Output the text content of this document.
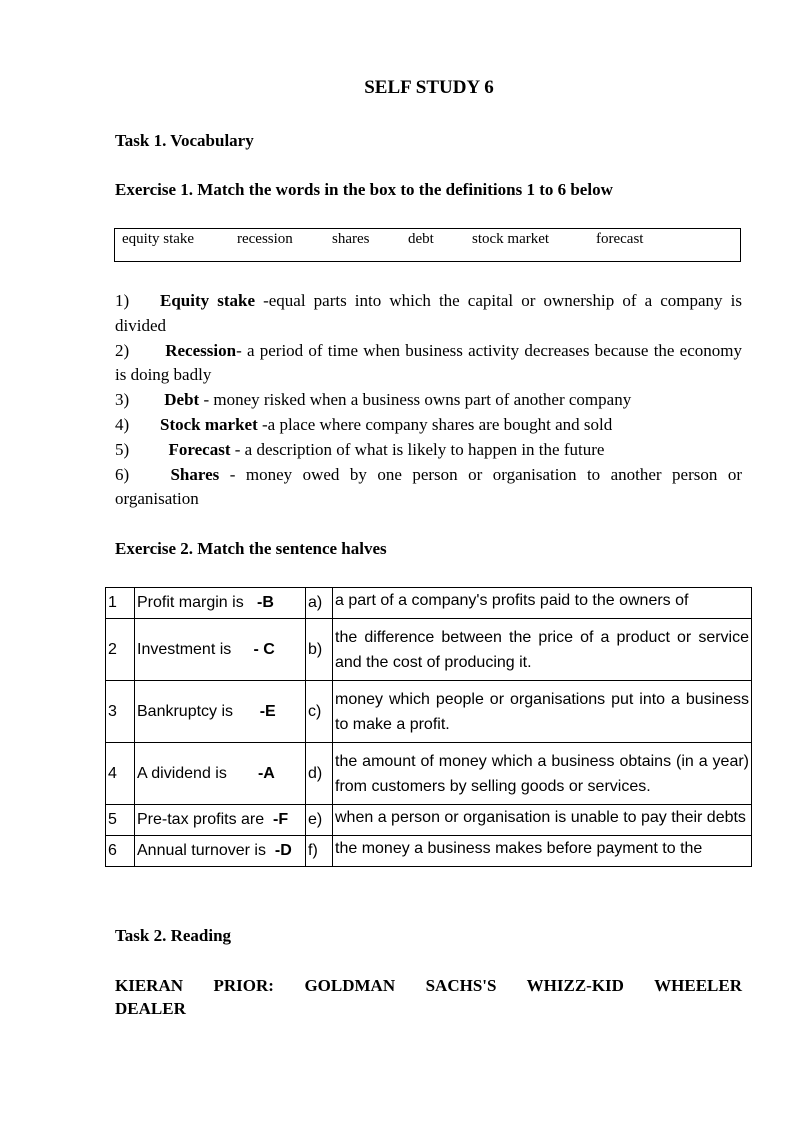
SELF STUDY 6
Task 1. Vocabulary
Exercise 1. Match the words in the box to the definitions 1 to 6 below
equity stake	recession	shares	debt	stock market	forecast
1) Equity stake -equal parts into which the capital or ownership of a company is divided
2) Recession- a period of time when business activity decreases because the economy is doing badly
3) Debt - money risked when a business owns part of another company
4) Stock market -a place where company shares are bought and sold
5) Forecast - a description of what is likely to happen in the future
6) Shares - money owed by one person or organisation to another person or organisation
Exercise 2. Match the sentence halves
1	Profit margin is -B	a)	a part of a company's profits paid to the owners of

2	Investment is - C	b)	the difference between the price of a product or service and the cost of producing it.
3	Bankruptcy is -E	c)	money which people or organisations put into a business to make a profit.
4	A dividend is -A	d)	the amount of money which a business obtains (in a year) from customers by selling goods or services.
5	Pre-tax profits are -F	e)	when a person or organisation is unable to pay their debts

6	Annual turnover is -D	f)	the money a business makes before payment to the
Task 2. Reading
KIERAN PRIOR: GOLDMAN SACHS'S WHIZZ-KID WHEELER
DEALER
